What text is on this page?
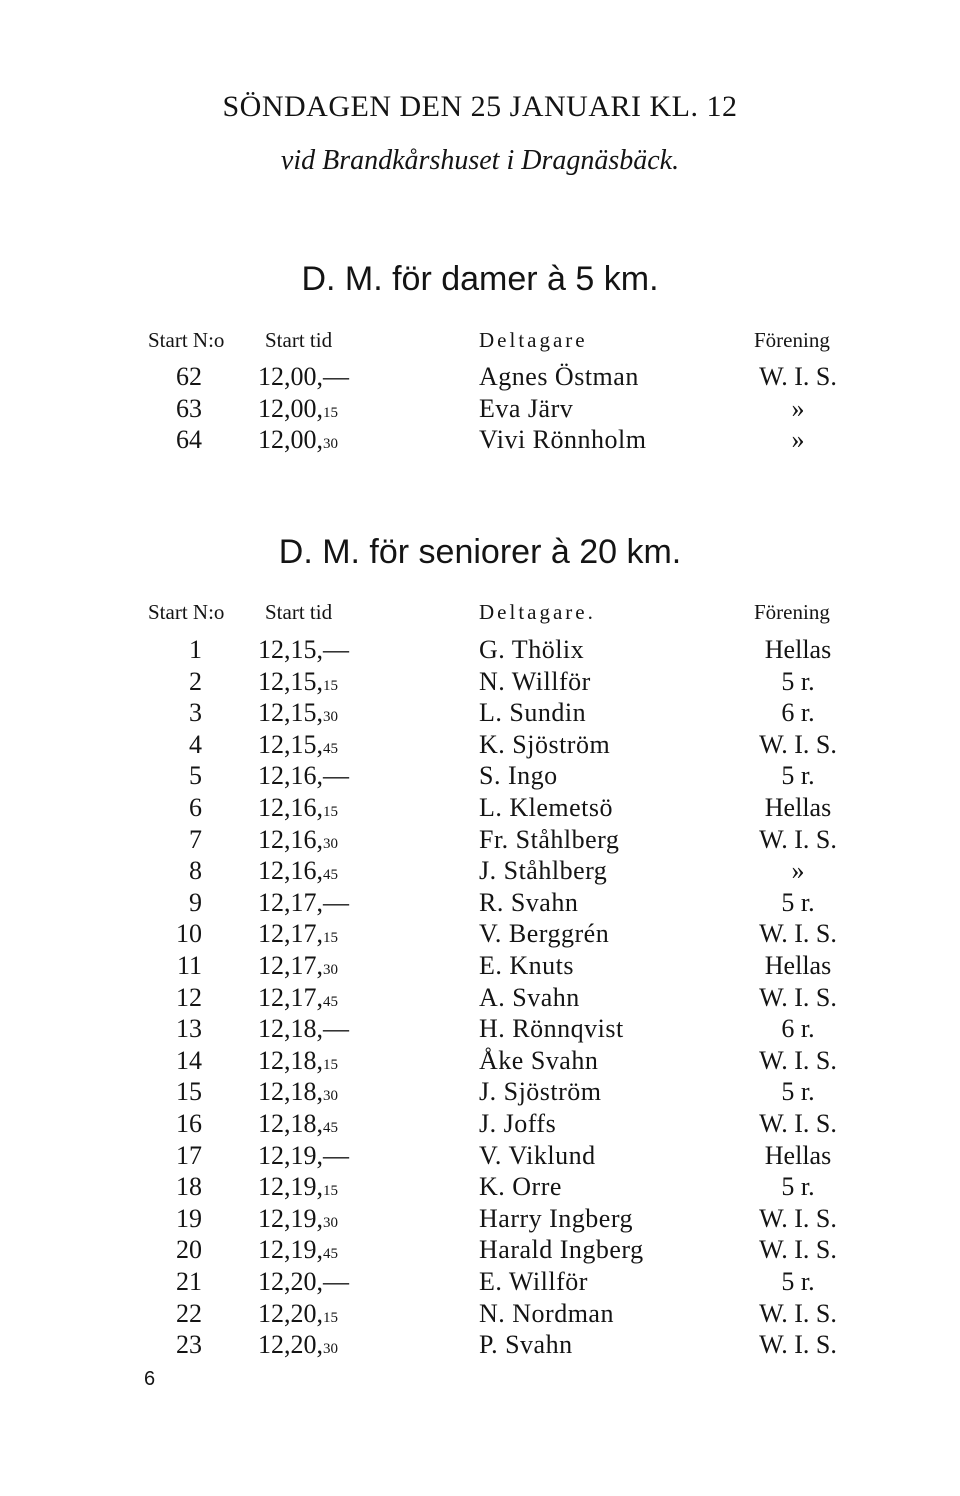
SÖNDAGEN DEN 25 JANUARI KL. 12
vid Brandkårshuset i Dragnäsbäck.
D. M. för damer à 5 km.
Start N:o Start tid	Deltagare	Förening
62 12,00,—	Agnes Östman	W. I. S.
63 12,00,15	Eva Järv	»
64 12,00,30	Vivi Rönnholm	»
D. M. för seniorer à 20 km.
Start N:o Start tid	Deltagare.	Förening
1 12,15,—	G. Thölix	Hellas
2 12,15,15	N. Willför	5 r.
3 12,15,30	L. Sundin	6 r.
4 12,15,45	K. Sjöström	W. I. S.
5 12,16,—	S. Ingo	5 r.
6 12,16,15	L. Klemetsö	Hellas
7 12,16,30	Fr. Ståhlberg	W. I. S.
8 12,16,45	J. Ståhlberg	»
9 12,17,—	R. Svahn	5 r.
10 12,17,15	V. Berggrén	W. I. S.
11 12,17,30	E. Knuts	Hellas
12 12,17,45	A. Svahn	W. I. S.
13 12,18,—	H. Rönnqvist	6 r.
14 12,18,15	Åke Svahn	W. I. S.
15 12,18,30	J. Sjöström	5 r.
16 12,18,45	J. Joffs	W. I. S.
17 12,19,—	V. Viklund	Hellas
18 12,19,15	K. Orre	5 r.
19 12,19,30	Harry Ingberg	W. I. S.
20 12,19,45	Harald Ingberg	W. I. S.
21 12,20,—	E. Willför	5 r.
22 12,20,15	N. Nordman	W. I. S.
23 12,20,30	P. Svahn	W. I. S.
6
